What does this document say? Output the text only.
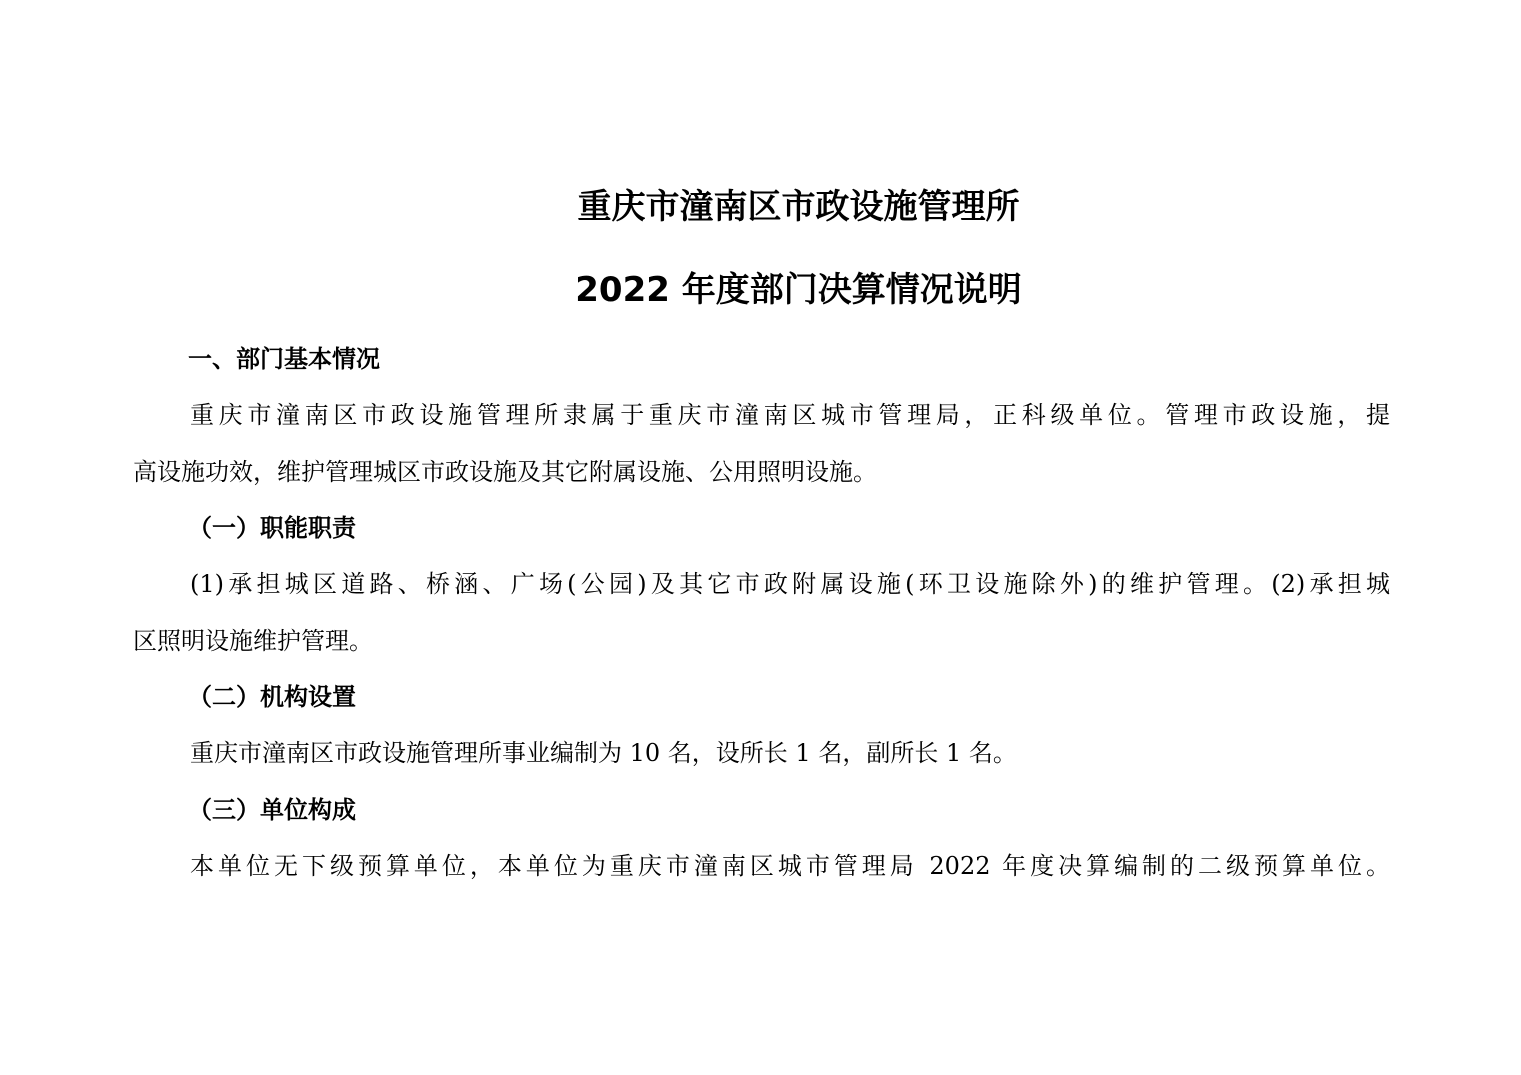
重庆市潼南区市政设施管理所
2022 年度部门决算情况说明
一、部门基本情况
重庆市潼南区市政设施管理所隶属于重庆市潼南区城市管理局，正科级单位。管理市政设施，提
高设施功效，维护管理城区市政设施及其它附属设施、公用照明设施。
（一）职能职责
(1)承担城区道路、桥涵、广场(公园)及其它市政附属设施(环卫设施除外)的维护管理。(2)承担城
区照明设施维护管理。
（二）机构设置
重庆市潼南区市政设施管理所事业编制为 10 名，设所长 1 名，副所长 1 名。
（三）单位构成
本单位无下级预算单位，本单位为重庆市潼南区城市管理局 2022 年度决算编制的二级预算单位。
